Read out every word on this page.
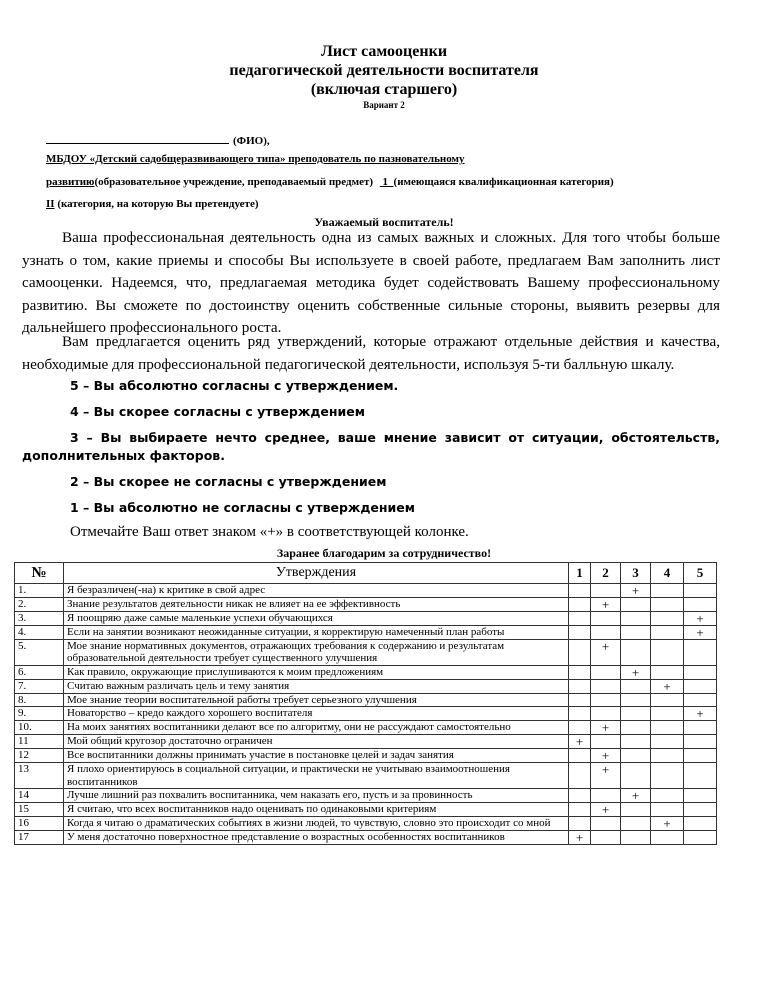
Лист самооценки
педагогической деятельности воспитателя
(включая старшего)
Вариант 2
(ФИО),
МБДОУ «Детский садобщеразвивающего типа» преподователь по пазновательному
развитию(образовательное учреждение, преподаваемый предмет) 1 (имеющаяся квалификационная категория)
II (категория, на которую Вы претендуете)
Уважаемый воспитатель!
Ваша профессиональная деятельность одна из самых важных и сложных. Для того чтобы больше
узнать о том, какие приемы и способы Вы используете в своей работе, предлагаем Вам заполнить лист
самооценки. Надеемся, что, предлагаемая методика будет содействовать Вашему профессиональному
развитию. Вы сможете по достоинству оценить собственные сильные стороны, выявить резервы для
дальнейшего профессионального роста.
Вам предлагается оценить ряд утверждений, которые отражают отдельные действия и качества,
необходимые для профессиональной педагогической деятельности, используя 5-ти балльную шкалу.
5 – Вы абсолютно согласны с утверждением.
4 – Вы скорее согласны с утверждением
3 – Вы выбираете нечто среднее, ваше мнение зависит от ситуации, обстоятельств,
дополнительных факторов.
2 – Вы скорее не согласны с утверждением
1 – Вы абсолютно не согласны с утверждением
Отмечайте Ваш ответ знаком «+» в соответствующей колонке.
Заранее благодарим за сотрудничество!
№	Утверждения	1	2	3	4	5
1.	Я безразличен(-на) к критике в свой адрес			+		
2.	Знание результатов деятельности никак не влияет на ее эффективность		+			
3.	Я поощряю даже самые маленькие успехи обучающихся					+
4.	Если на занятии возникают неожиданные ситуации, я корректирую намеченный план работы					+
5.	Мое знание нормативных документов, отражающих требования к содержанию и результатам образовательной деятельности требует существенного улучшения		+			
6.	Как правило, окружающие прислушиваются к моим предложениям			+		
7.	Считаю важным различать цель и тему занятия				+	
8.	Мое знание теории воспитательной работы требует серьезного улучшения					
9.	Новаторство – кредо каждого хорошего воспитателя					+
10.	На моих занятиях воспитанники делают все по алгоритму, они не рассуждают самостоятельно		+			
11	Мой общий кругозор достаточно ограничен	+				
12	Все воспитанники должны принимать участие в постановке целей и задач занятия		+			
13	Я плохо ориентируюсь в социальной ситуации, и практически не учитываю взаимоотношения воспитанников		+			
14	Лучше лишний раз похвалить воспитанника, чем наказать его, пусть и за провинность			+		
15	Я считаю, что всех воспитанников надо оценивать по одинаковыми критериям		+			
16	Когда я читаю о драматических событиях в жизни людей, то чувствую, словно это происходит со мной				+	
17	У меня достаточно поверхностное представление о возрастных особенностях воспитанников	+				
